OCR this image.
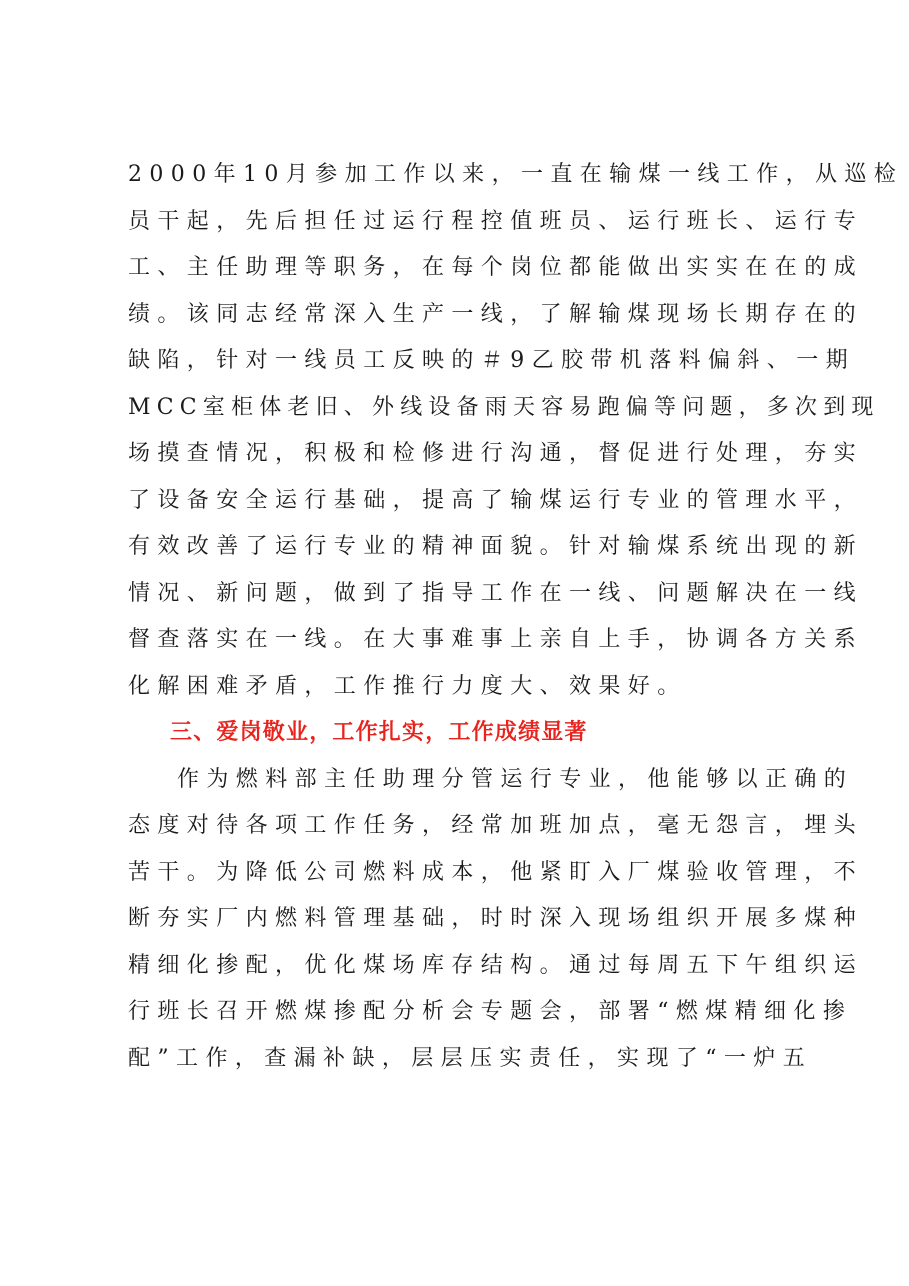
2000年10月参加工作以来，一直在输煤一线工作，从巡检
员干起，先后担任过运行程控值班员、运行班长、运行专
工、主任助理等职务，在每个岗位都能做出实实在在的成
绩。该同志经常深入生产一线，了解输煤现场长期存在的
缺陷，针对一线员工反映的＃9乙胶带机落料偏斜、一期
MCC室柜体老旧、外线设备雨天容易跑偏等问题，多次到现
场摸查情况，积极和检修进行沟通，督促进行处理，夯实
了设备安全运行基础，提高了输煤运行专业的管理水平，
有效改善了运行专业的精神面貌。针对输煤系统出现的新
情况、新问题，做到了指导工作在一线、问题解决在一线
督查落实在一线。在大事难事上亲自上手，协调各方关系
化解困难矛盾，工作推行力度大、效果好。
三、爱岗敬业，工作扎实，工作成绩显著
作为燃料部主任助理分管运行专业，他能够以正确的
态度对待各项工作任务，经常加班加点，毫无怨言，埋头
苦干。为降低公司燃料成本，他紧盯入厂煤验收管理，不
断夯实厂内燃料管理基础，时时深入现场组织开展多煤种
精细化掺配，优化煤场库存结构。通过每周五下午组织运
行班长召开燃煤掺配分析会专题会，部署“燃煤精细化掺
配”工作，查漏补缺，层层压实责任，实现了“一炉五
